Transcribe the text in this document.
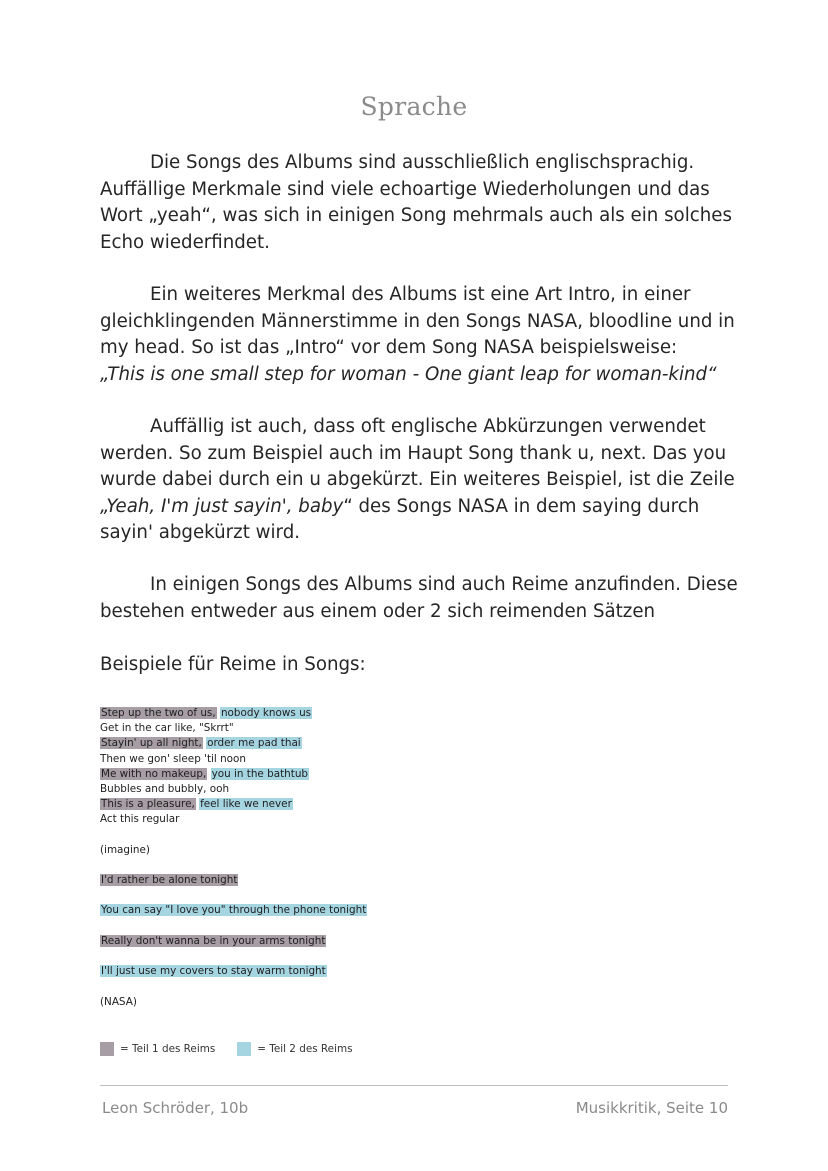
Sprache

Die Songs des Albums sind ausschließlich englischsprachig. Auffällige Merkmale sind viele echoartige Wiederholungen und das Wort „yeah“, was sich in einigen Song mehrmals auch als ein solches Echo wiederfindet.

Ein weiteres Merkmal des Albums ist eine Art Intro, in einer gleichklingenden Männerstimme in den Songs NASA, bloodline und in my head. So ist das „Intro“ vor dem Song NASA beispielsweise:
„This is one small step for woman - One giant leap for woman-kind“

Auffällig ist auch, dass oft englische Abkürzungen verwendet werden. So zum Beispiel auch im Haupt Song thank u, next. Das you wurde dabei durch ein u abgekürzt. Ein weiteres Beispiel, ist die Zeile „Yeah, I'm just sayin', baby“ des Songs NASA in dem saying durch sayin' abgekürzt wird.

In einigen Songs des Albums sind auch Reime anzufinden. Diese bestehen entweder aus einem oder 2 sich reimenden Sätzen

Beispiele für Reime in Songs:

Step up the two of us, nobody knows us
Get in the car like, "Skrrt"
Stayin' up all night, order me pad thai
Then we gon' sleep 'til noon
Me with no makeup, you in the bathtub
Bubbles and bubbly, ooh
This is a pleasure, feel like we never
Act this regular
(imagine)
I'd rather be alone tonight
You can say "I love you" through the phone tonight
Really don't wanna be in your arms tonight
I'll just use my covers to stay warm tonight
(NASA)
= Teil 1 des Reims	= Teil 2 des Reims
Leon Schröder, 10b	Musikkritik, Seite 10
